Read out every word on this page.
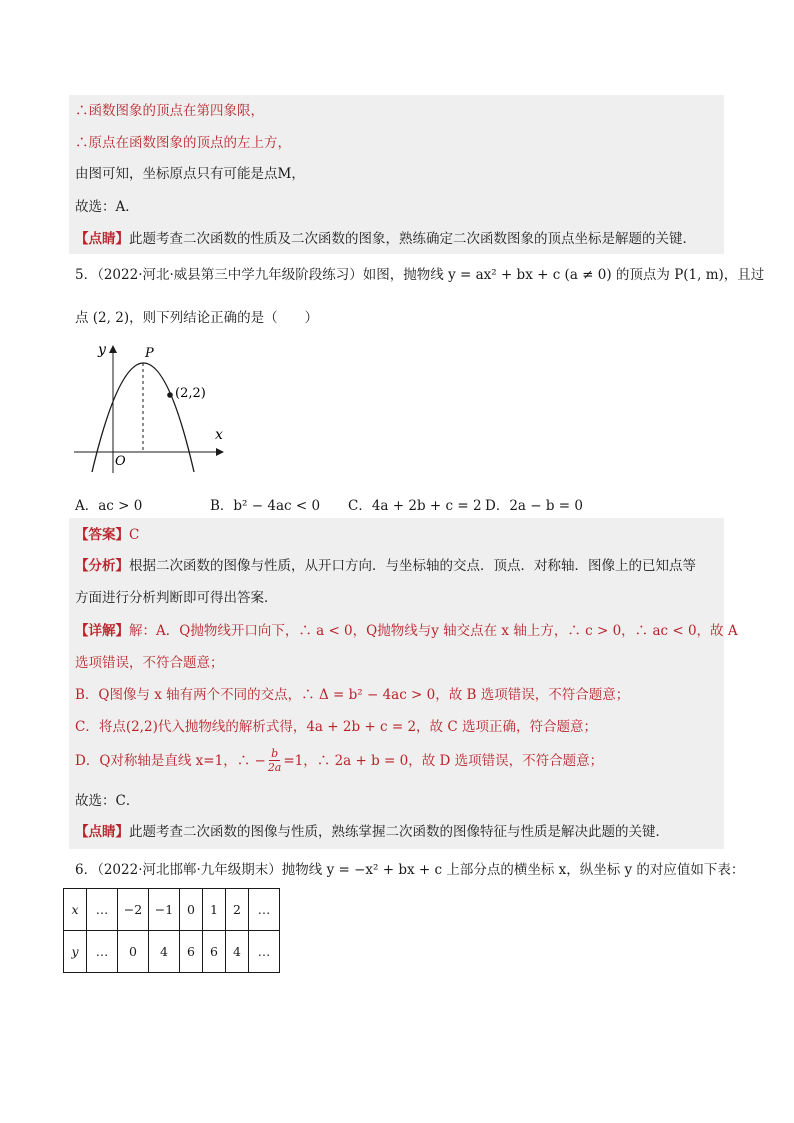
∴函数图象的顶点在第四象限，
∴原点在函数图象的顶点的左上方，
由图可知，坐标原点只有可能是点M，
故选：A．
【点睛】此题考查二次函数的性质及二次函数的图象，熟练确定二次函数图象的顶点坐标是解题的关键．
5．（2022·河北·威县第三中学九年级阶段练习）如图，抛物线 y = ax² + bx + c (a ≠ 0) 的顶点为 P(1, m)，且过
点 (2, 2)，则下列结论正确的是（　　）
y
x
O
P
(2,2)
A．ac > 0	B．b² − 4ac < 0 C．4a + 2b + c = 2 D．2a − b = 0
【答案】C
【分析】根据二次函数的图像与性质，从开口方向．与坐标轴的交点．顶点．对称轴．图像上的已知点等
方面进行分析判断即可得出答案．
【详解】解：A．Q抛物线开口向下，∴ a < 0，Q抛物线与y 轴交点在 x 轴上方，∴ c > 0，∴ ac < 0，故 A
选项错误，不符合题意；
B．Q图像与 x 轴有两个不同的交点，∴ Δ = b² − 4ac > 0，故 B 选项错误，不符合题意；
C．将点(2,2)代入抛物线的解析式得，4a + 2b + c = 2，故 C 选项正确，符合题意；
D．Q对称轴是直线 x=1，∴ − $\frac{b}{2a} =1$，∴ 2a + b = 0，故 D 选项错误，不符合题意；
故选：C．
【点睛】此题考查二次函数的图像与性质，熟练掌握二次函数的图像特征与性质是解决此题的关键．
6．（2022·河北邯郸·九年级期末）抛物线 y = −x² + bx + c 上部分点的横坐标 x，纵坐标 y 的对应值如下表：
x	…	−2	−1	0	1	2	…
y	…	0	4	6	6	4	…
